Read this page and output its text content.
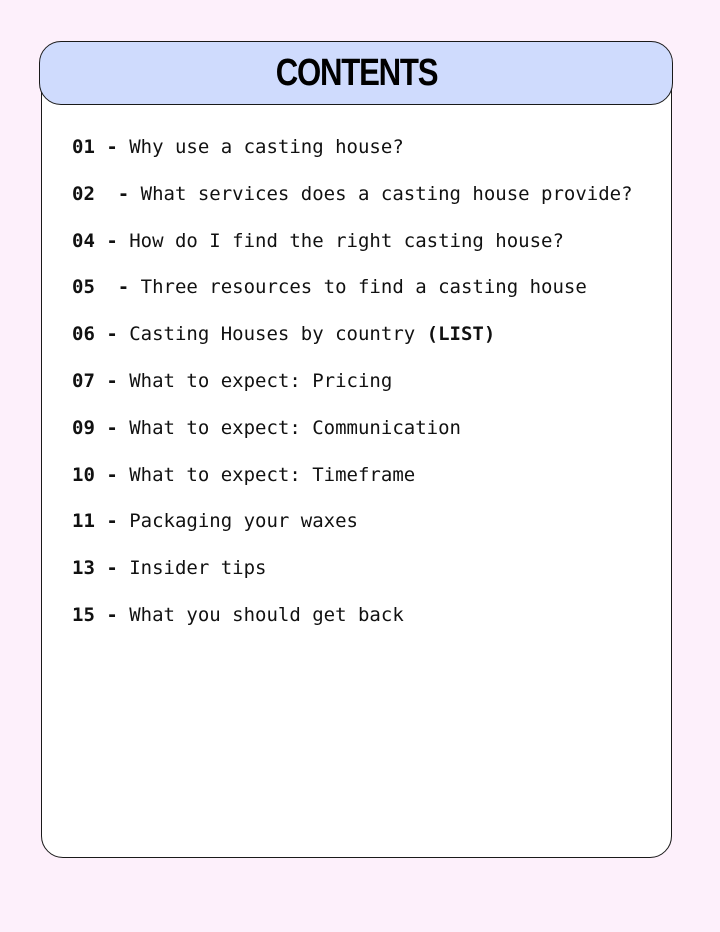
CONTENTS
01 - Why use a casting house?
02  - What services does a casting house provide?
04 - How do I find the right casting house?
05  - Three resources to find a casting house
06 - Casting Houses by country (LIST)
07 - What to expect: Pricing
09 - What to expect: Communication
10 - What to expect: Timeframe
11 - Packaging your waxes
13 - Insider tips
15 - What you should get back
